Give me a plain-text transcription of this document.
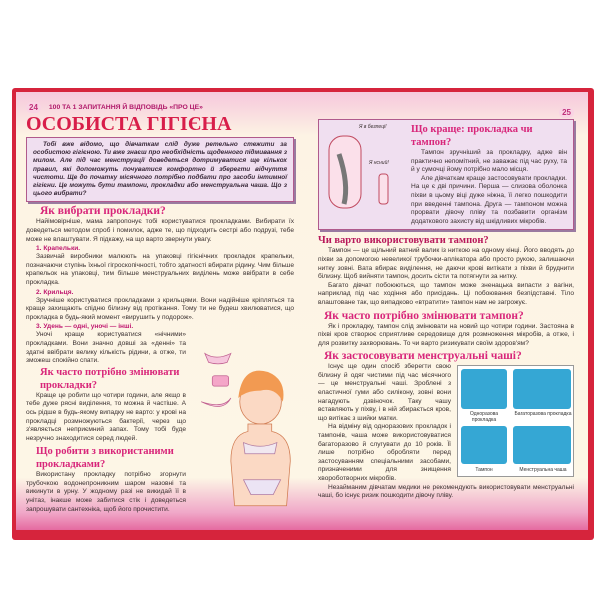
24	100 ТА 1 ЗАПИТАННЯ Й ВІДПОВІДЬ «ПРО ЦЕ»
ОСОБИСТА ГІГІЄНА
Тобі вже відомо, що дівчаткам слід дуже ретельно стежити за особистою гігієною. Ти вже знаєш про необхідність щоденного підмивання з милом. Але під час менструації доведеться дотримуватися ще кількох правил, які допоможуть почуватися комфортно й зберегти відчуття чистоти. Ще до початку місячного потрібно подбати про засоби інтимної гігієни. Це можуть бути тампони, прокладки або менструальна чаша. Що з цього вибрати?
Як вибрати прокладки?
Найімовірніше, мама запропонує тобі користуватися прокладками. Вибирати їх доведеться методом спроб і помилок, адже те, що підходить сестрі або подрузі, тебе може не влаштувати. Я підкажу, на що варто звернути увагу.
1. Крапельки.
Зазвичай виробники малюють на упаковці гігієнічних прокладок крапельки, позначаючи ступінь їхньої гігроскопічності, тобто здатності вбирати рідину. Чим більше крапельок на упаковці, тим більше менструальних виділень може ввібрати в себе прокладка.
2. Крильця.
Зручніше користуватися прокладками з крильцями. Вони надійніше кріпляться та краще захищають спідню білизну від протікання. Тому ти не будеш хвилюватися, що прокладка в будь-який момент «вирушить у подорож».
3. Удень — одні, уночі — інші.
Уночі краще користуватися «нічними» прокладками. Вони значно довші за «денні» та здатні ввібрати велику кількість рідини, а отже, ти зможеш спокійно спати.
Як часто потрібно змінювати прокладки?
Краще це робити що чотири години, але якщо в тебе дуже рясні виділення, то можна й частіше. А ось рідше в будь-якому випадку не варто: у крові на прокладці розмножуються бактерії, через що з'являється неприємний запах. Тому тобі буде незручно знаходитися серед людей.
Що робити з використаними прокладками?
Використану прокладку потрібно згорнути трубочкою водонепроникним шаром назовні та викинути в урну. У жодному разі не викидай її в унітаз, інакше може забитися стік і доведеться запрошувати сантехніка, щоб його прочистити.
25
Я в безпеці!
Я нсний!
Що краще: прокладка чи тампон?
Тампон зручніший за прокладку, адже він практично непомітний, не заважає під час руху, та й у сумочці йому потрібно мало місця.
Але дівчаткам краще застосовувати прокладки. На це є дві причини. Перша — слизова оболонка піхви в цьому віці дуже ніжна, її легко пошкодити при введенні тампона. Друга — тампоном можна прорвати дівочу пліву та позбавити організм додаткового захисту від шкідливих мікробів.
Чи варто використовувати тампон?
Тампон — це щільний ватний валик із ниткою на одному кінці. Його вводять до піхви за допомогою невеликої трубочки-аплікатора або просто рукою, залишаючи нитку зовні. Вата вбирає виділення, не даючи крові витікати з піхви й бруднити білизну. Щоб вийняти тампон, досить сісти та потягнути за нитку.
Багато дівчат побоюються, що тампон може зненацька випасти з вагіни, наприклад під час ходіння або присідань. Ці побоювання безпідставні. Тіло влаштоване так, що випадково «втратити» тампон нам не загрожує.
Як часто потрібно змінювати тампон?
Як і прокладку, тампон слід змінювати на новий що чотири години. Застояна в піхві кров створює сприятливе середовище для розмноження мікробів, а отже, і для розвитку захворювань. То чи варто ризикувати своїм здоров'ям?
Як застосовувати менструальні чаші?
Одноразова прокладка
Багаторазова прокладка
Тампон	Менструальна чаша
Існує ще один спосіб зберегти свою білизну й одяг чистими під час місячного — це менструальні чаші. Зроблені з еластичної гуми або силікону, зовні вони нагадують дзвіночок. Таку чашу вставляють у піхву, і в ній збирається кров, що витікає з шийки матки.
На відміну від одноразових прокладок і тампонів, чаша може використовуватися багаторазово й слугувати до 10 років. Її лише потрібно обробляти перед застосуванням спеціальними засобами, призначеними для знищення хвороботворних мікробів.
Незайманим дівчатам медики не рекомендують використовувати менструальні чаші, бо існує ризик пошкодити дівочу пліву.
